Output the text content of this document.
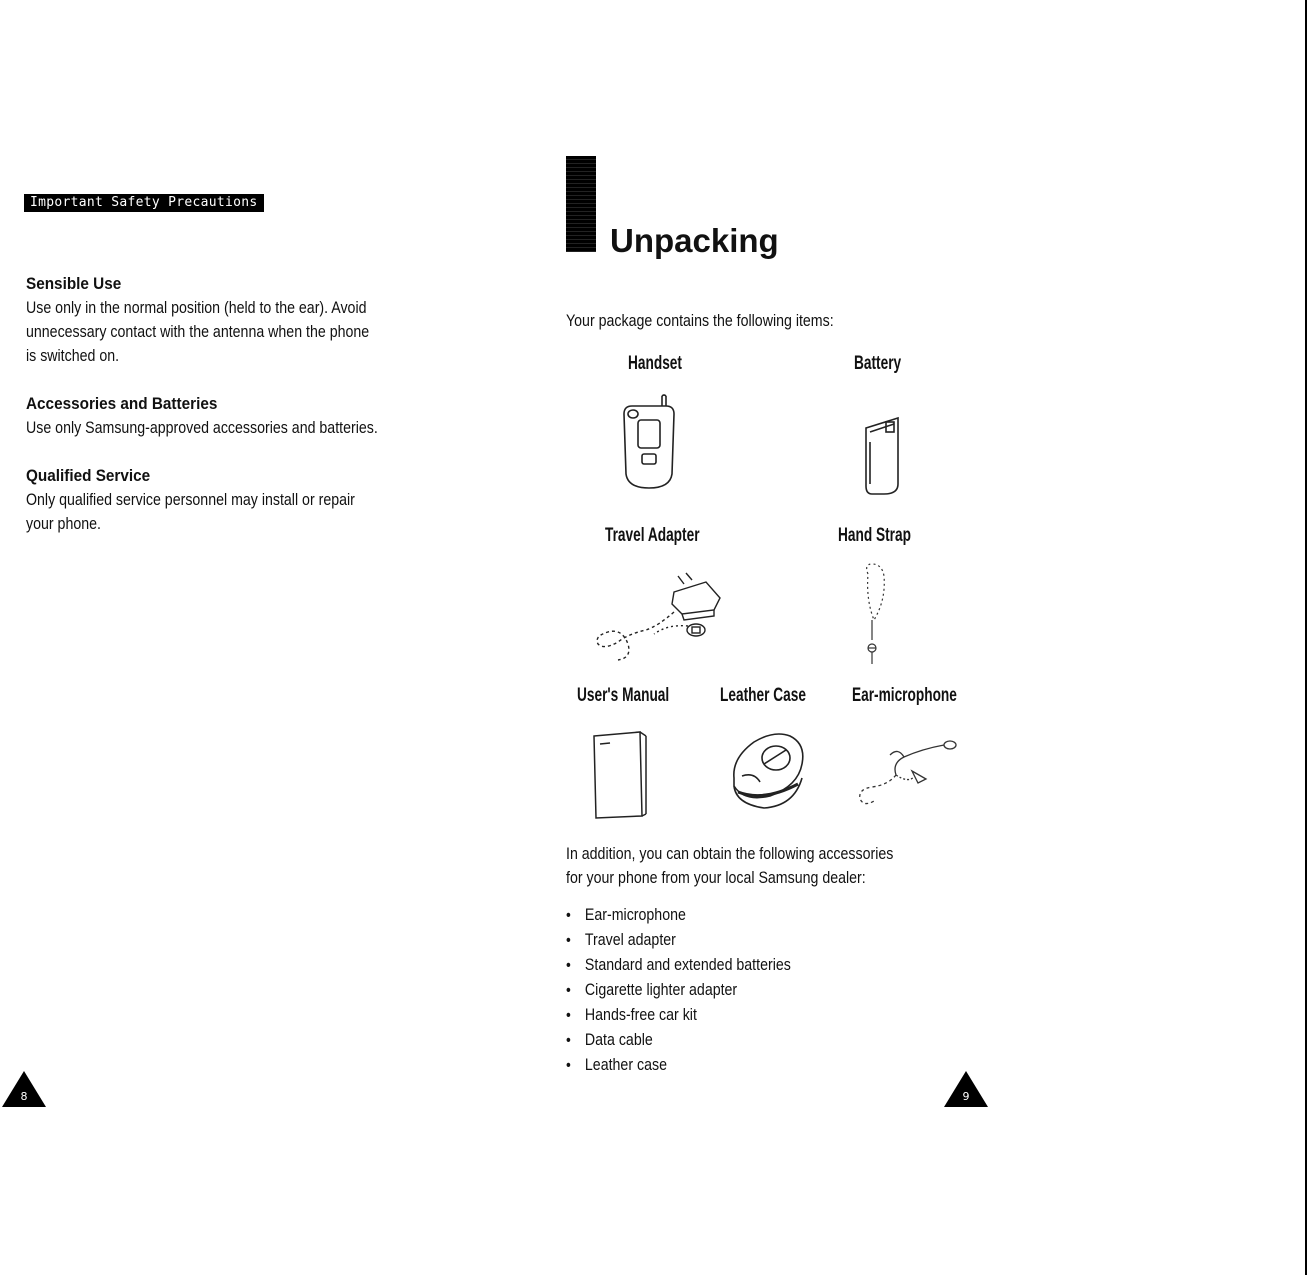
Important Safety Precautions
Sensible Use

Use only in the normal position (held to the ear). Avoid

unnecessary contact with the antenna when the phone

is switched on.

Accessories and Batteries

Use only Samsung-approved accessories and batteries.

Qualified Service

Only qualified service personnel may install or repair

your phone.

8
Unpacking
Your package contains the following items:
Handset	Battery
Travel Adapter	Hand Strap
User's Manual	Leather Case Ear-microphone
In addition, you can obtain the following accessories
for your phone from your local Samsung dealer:
• Ear-microphone
• Travel adapter
• Standard and extended batteries
• Cigarette lighter adapter
• Hands-free car kit
• Data cable
• Leather case
9
